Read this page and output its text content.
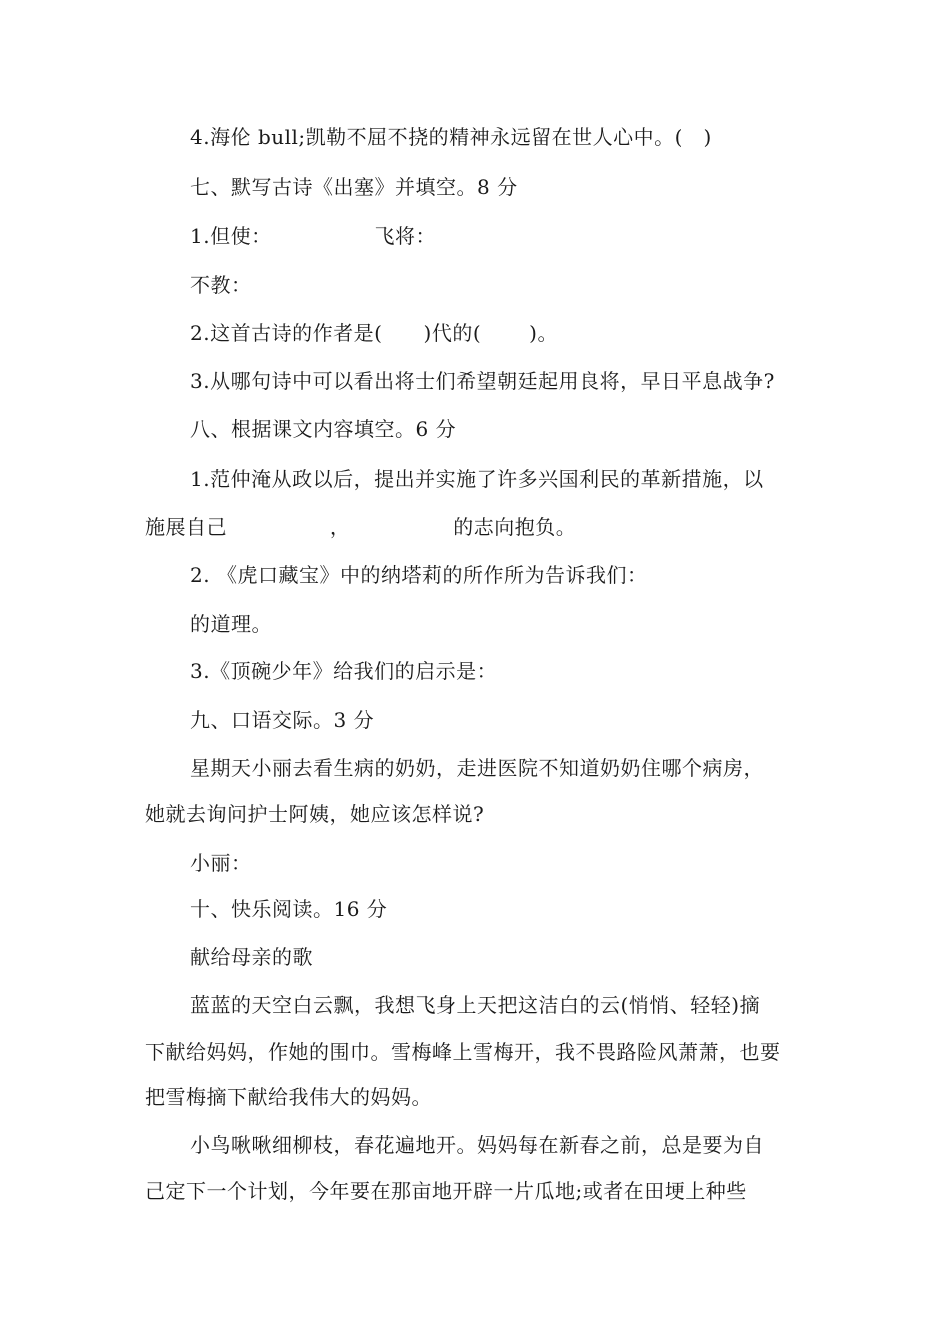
4.海伦 bull;凯勒不屈不挠的精神永远留在世人心中。(   )
七、默写古诗《出塞》并填空。8 分
1.但使：               飞将：
不教：
2.这首古诗的作者是(      )代的(       )。
3.从哪句诗中可以看出将士们希望朝廷起用良将，早日平息战争?
八、根据课文内容填空。6 分
1.范仲淹从政以后，提出并实施了许多兴国利民的革新措施，以
施展自己               ，               的志向抱负。
2. 《虎口藏宝》中的纳塔莉的所作所为告诉我们：
的道理。
3.《顶碗少年》给我们的启示是：
九、口语交际。3 分
星期天小丽去看生病的奶奶，走进医院不知道奶奶住哪个病房，
她就去询问护士阿姨，她应该怎样说?
小丽：
十、快乐阅读。16 分
献给母亲的歌
蓝蓝的天空白云飘，我想飞身上天把这洁白的云(悄悄、轻轻)摘
下献给妈妈，作她的围巾。雪梅峰上雪梅开，我不畏路险风萧萧，也要
把雪梅摘下献给我伟大的妈妈。
小鸟啾啾细柳枝，春花遍地开。妈妈每在新春之前，总是要为自
己定下一个计划，今年要在那亩地开辟一片瓜地;或者在田埂上种些
